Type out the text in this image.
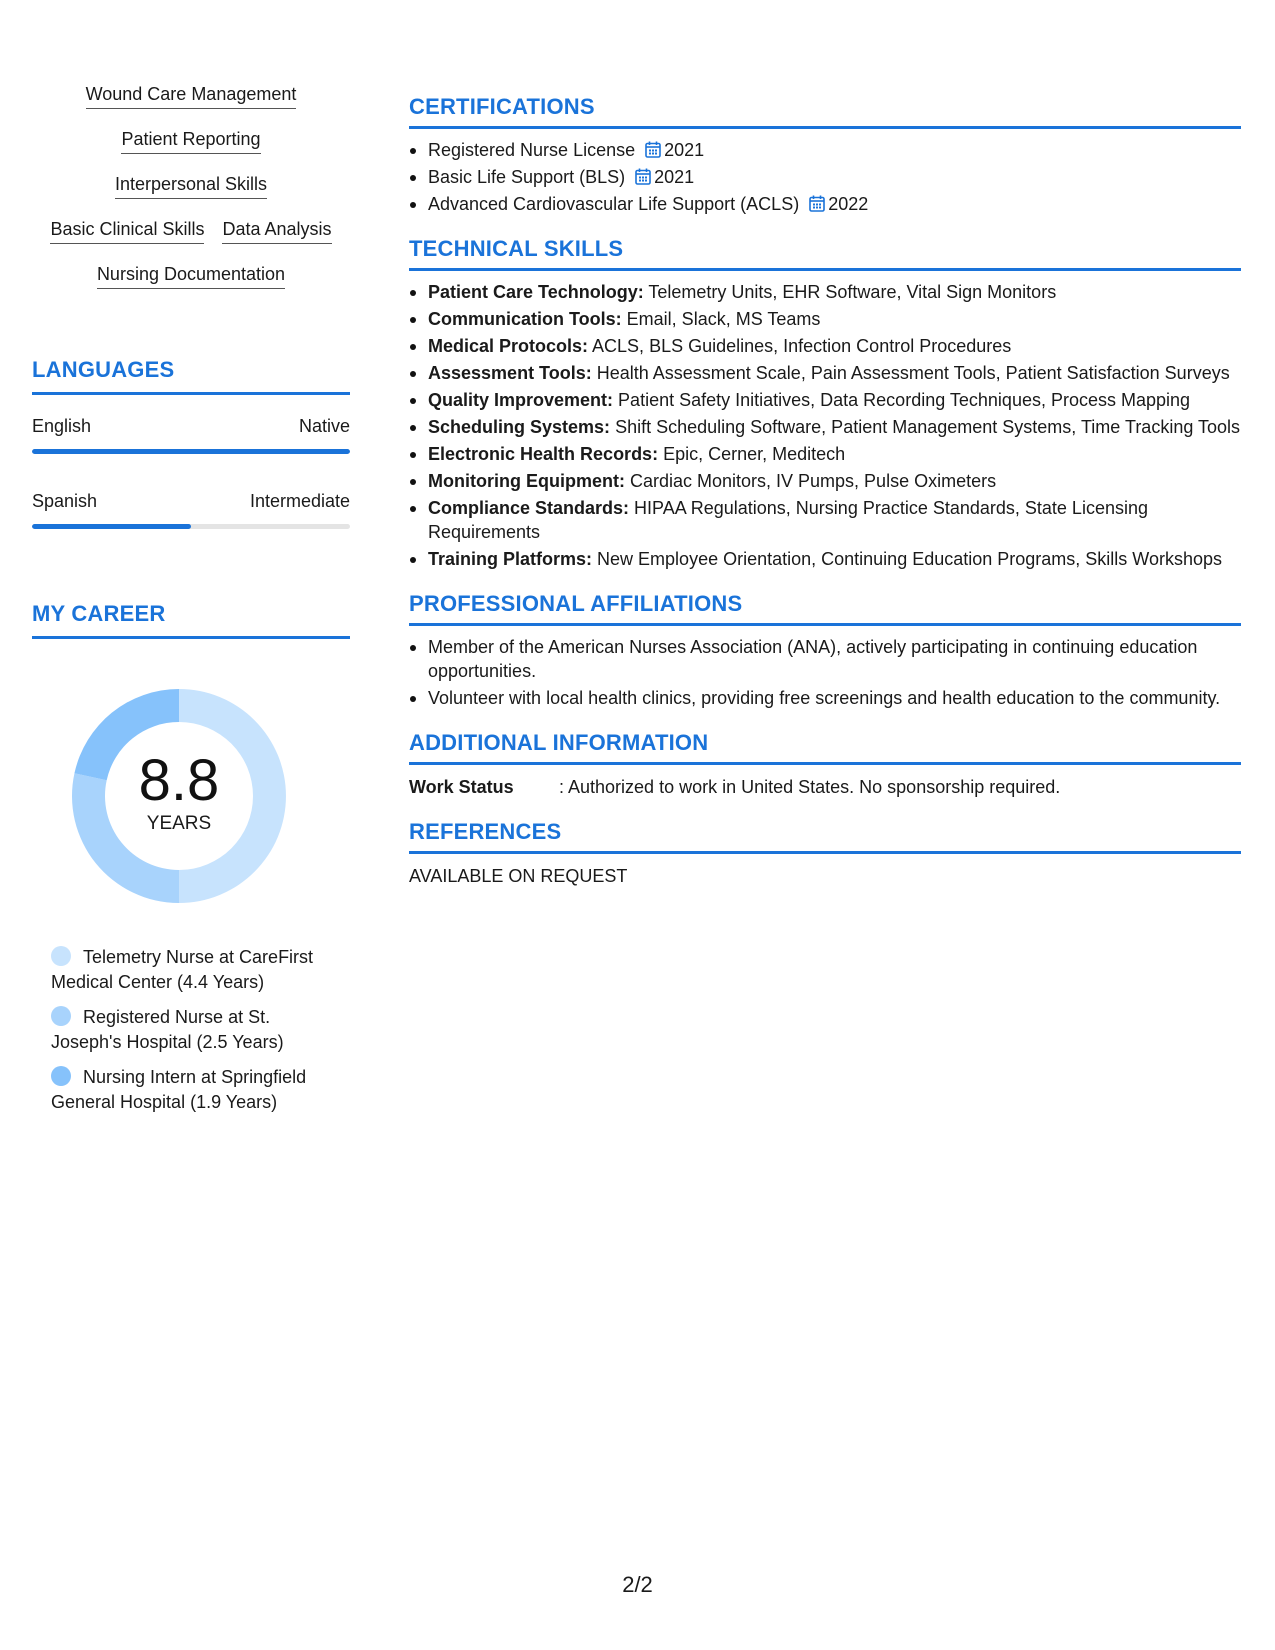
Wound Care Management
Patient Reporting
Interpersonal Skills
Basic Clinical Skills Data Analysis
Nursing Documentation
LANGUAGES
English	Native
Spanish	Intermediate
MY CAREER
8.8
YEARS
Telemetry Nurse at CareFirst Medical Center (4.4 Years)
Registered Nurse at St. Joseph's Hospital (2.5 Years)
Nursing Intern at Springfield General Hospital (1.9 Years)
CERTIFICATIONS
Registered Nurse License 2021
Basic Life Support (BLS) 2021
Advanced Cardiovascular Life Support (ACLS) 2022
TECHNICAL SKILLS
Patient Care Technology: Telemetry Units, EHR Software, Vital Sign Monitors
Communication Tools: Email, Slack, MS Teams
Medical Protocols: ACLS, BLS Guidelines, Infection Control Procedures
Assessment Tools: Health Assessment Scale, Pain Assessment Tools, Patient Satisfaction Surveys
Quality Improvement: Patient Safety Initiatives, Data Recording Techniques, Process Mapping
Scheduling Systems: Shift Scheduling Software, Patient Management Systems, Time Tracking Tools
Electronic Health Records: Epic, Cerner, Meditech
Monitoring Equipment: Cardiac Monitors, IV Pumps, Pulse Oximeters
Compliance Standards: HIPAA Regulations, Nursing Practice Standards, State Licensing Requirements
Training Platforms: New Employee Orientation, Continuing Education Programs, Skills Workshops
PROFESSIONAL AFFILIATIONS
Member of the American Nurses Association (ANA), actively participating in continuing education opportunities.
Volunteer with local health clinics, providing free screenings and health education to the community.
ADDITIONAL INFORMATION
Work Status	: Authorized to work in United States. No sponsorship required.
REFERENCES
AVAILABLE ON REQUEST
2/2
